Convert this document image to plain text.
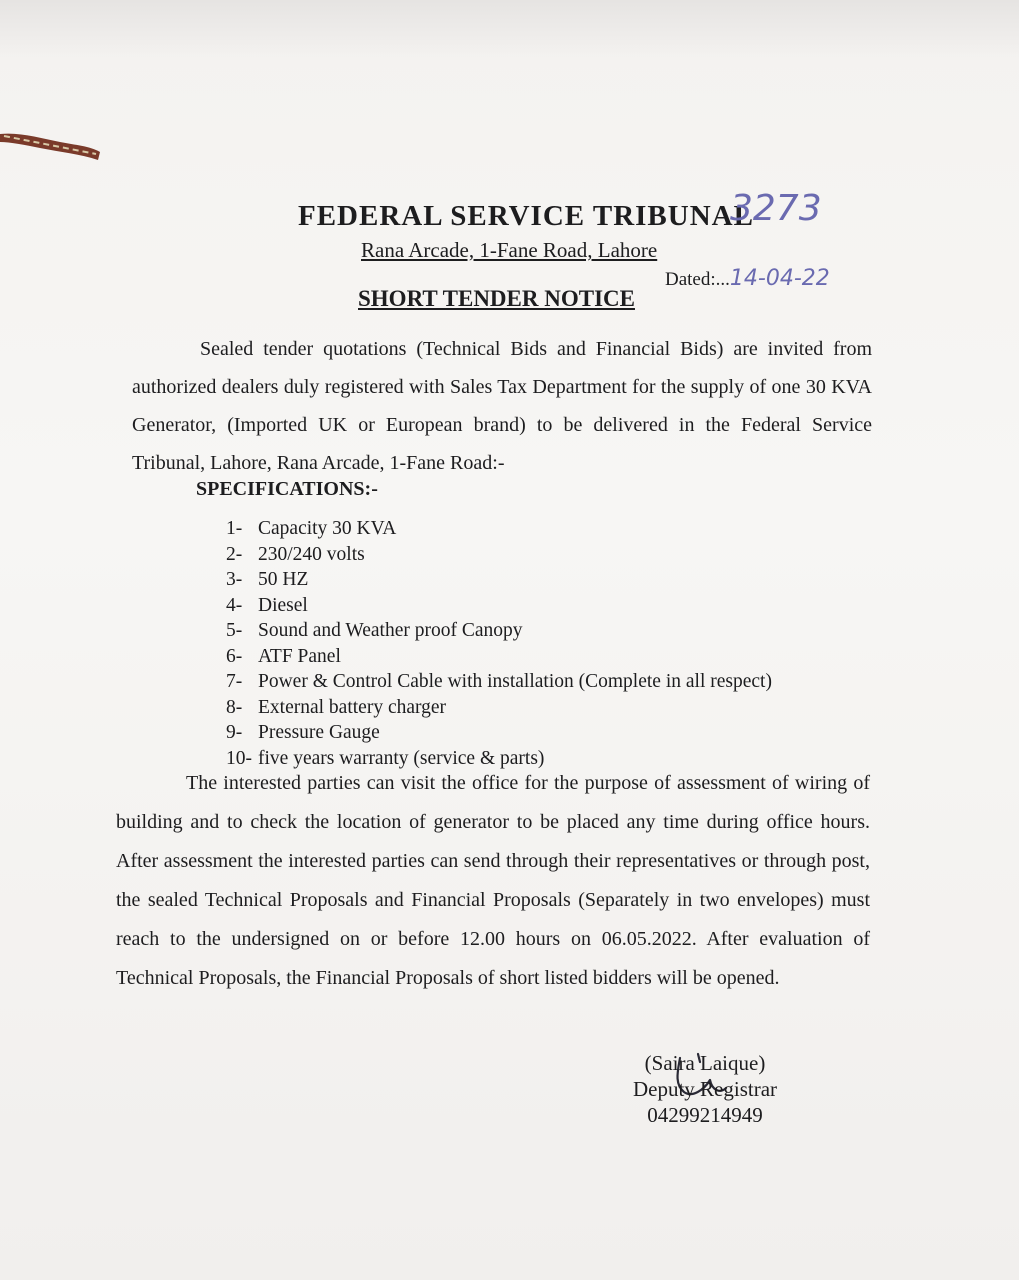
FEDERAL SERVICE TRIBUNAL
3273
Rana Arcade, 1-Fane Road, Lahore
Dated:...14-04-22
SHORT TENDER NOTICE
Sealed tender quotations (Technical Bids and Financial Bids) are invited from authorized dealers duly registered with Sales Tax Department for the supply of one 30 KVA Generator, (Imported UK or European brand) to be delivered in the Federal Service Tribunal, Lahore, Rana Arcade, 1-Fane Road:-
SPECIFICATIONS:-
1- Capacity 30 KVA
2- 230/240 volts
3- 50 HZ
4- Diesel
5- Sound and Weather proof Canopy
6- ATF Panel
7- Power & Control Cable with installation (Complete in all respect)
8- External battery charger
9- Pressure Gauge
10- five years warranty (service & parts)
The interested parties can visit the office for the purpose of assessment of wiring of building and to check the location of generator to be placed any time during office hours. After assessment the interested parties can send through their representatives or through post, the sealed Technical Proposals and Financial Proposals (Separately in two envelopes) must reach to the undersigned on or before 12.00 hours on 06.05.2022. After evaluation of Technical Proposals, the Financial Proposals of short listed bidders will be opened.
(Saira Laique)
Deputy Registrar
04299214949
